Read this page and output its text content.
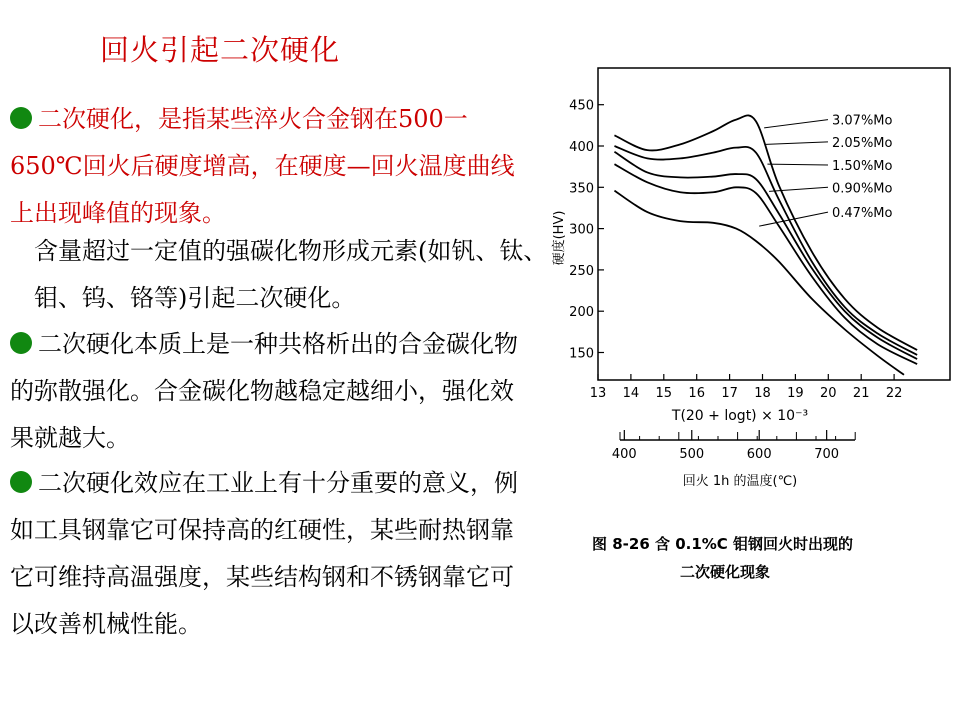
回火引起二次硬化
二次硬化，是指某些淬火合金钢在500一650℃回火后硬度增高，在硬度—回火温度曲线上出现峰值的现象。
含量超过一定值的强碳化物形成元素(如钒、钛、钼、钨、铬等)引起二次硬化。
二次硬化本质上是一种共格析出的合金碳化物的弥散强化。合金碳化物越稳定越细小，强化效果就越大。
二次硬化效应在工业上有十分重要的意义，例如工具钢靠它可保持高的红硬性，某些耐热钢靠它可维持高温强度，某些结构钢和不锈钢靠它可以改善机械性能。
硬度(HV)
T(20 + logt) × 10⁻³
回火 1h 的温度(℃)
450
400
350
300
250
200
150
13 14 15 16 17 18 19 20 21 22
400	500	600	700
3.07%Mo
2.05%Mo
1.50%Mo
0.90%Mo
0.47%Mo
图 8-26 含 0.1%C 钼钢回火时出现的
二次硬化现象
